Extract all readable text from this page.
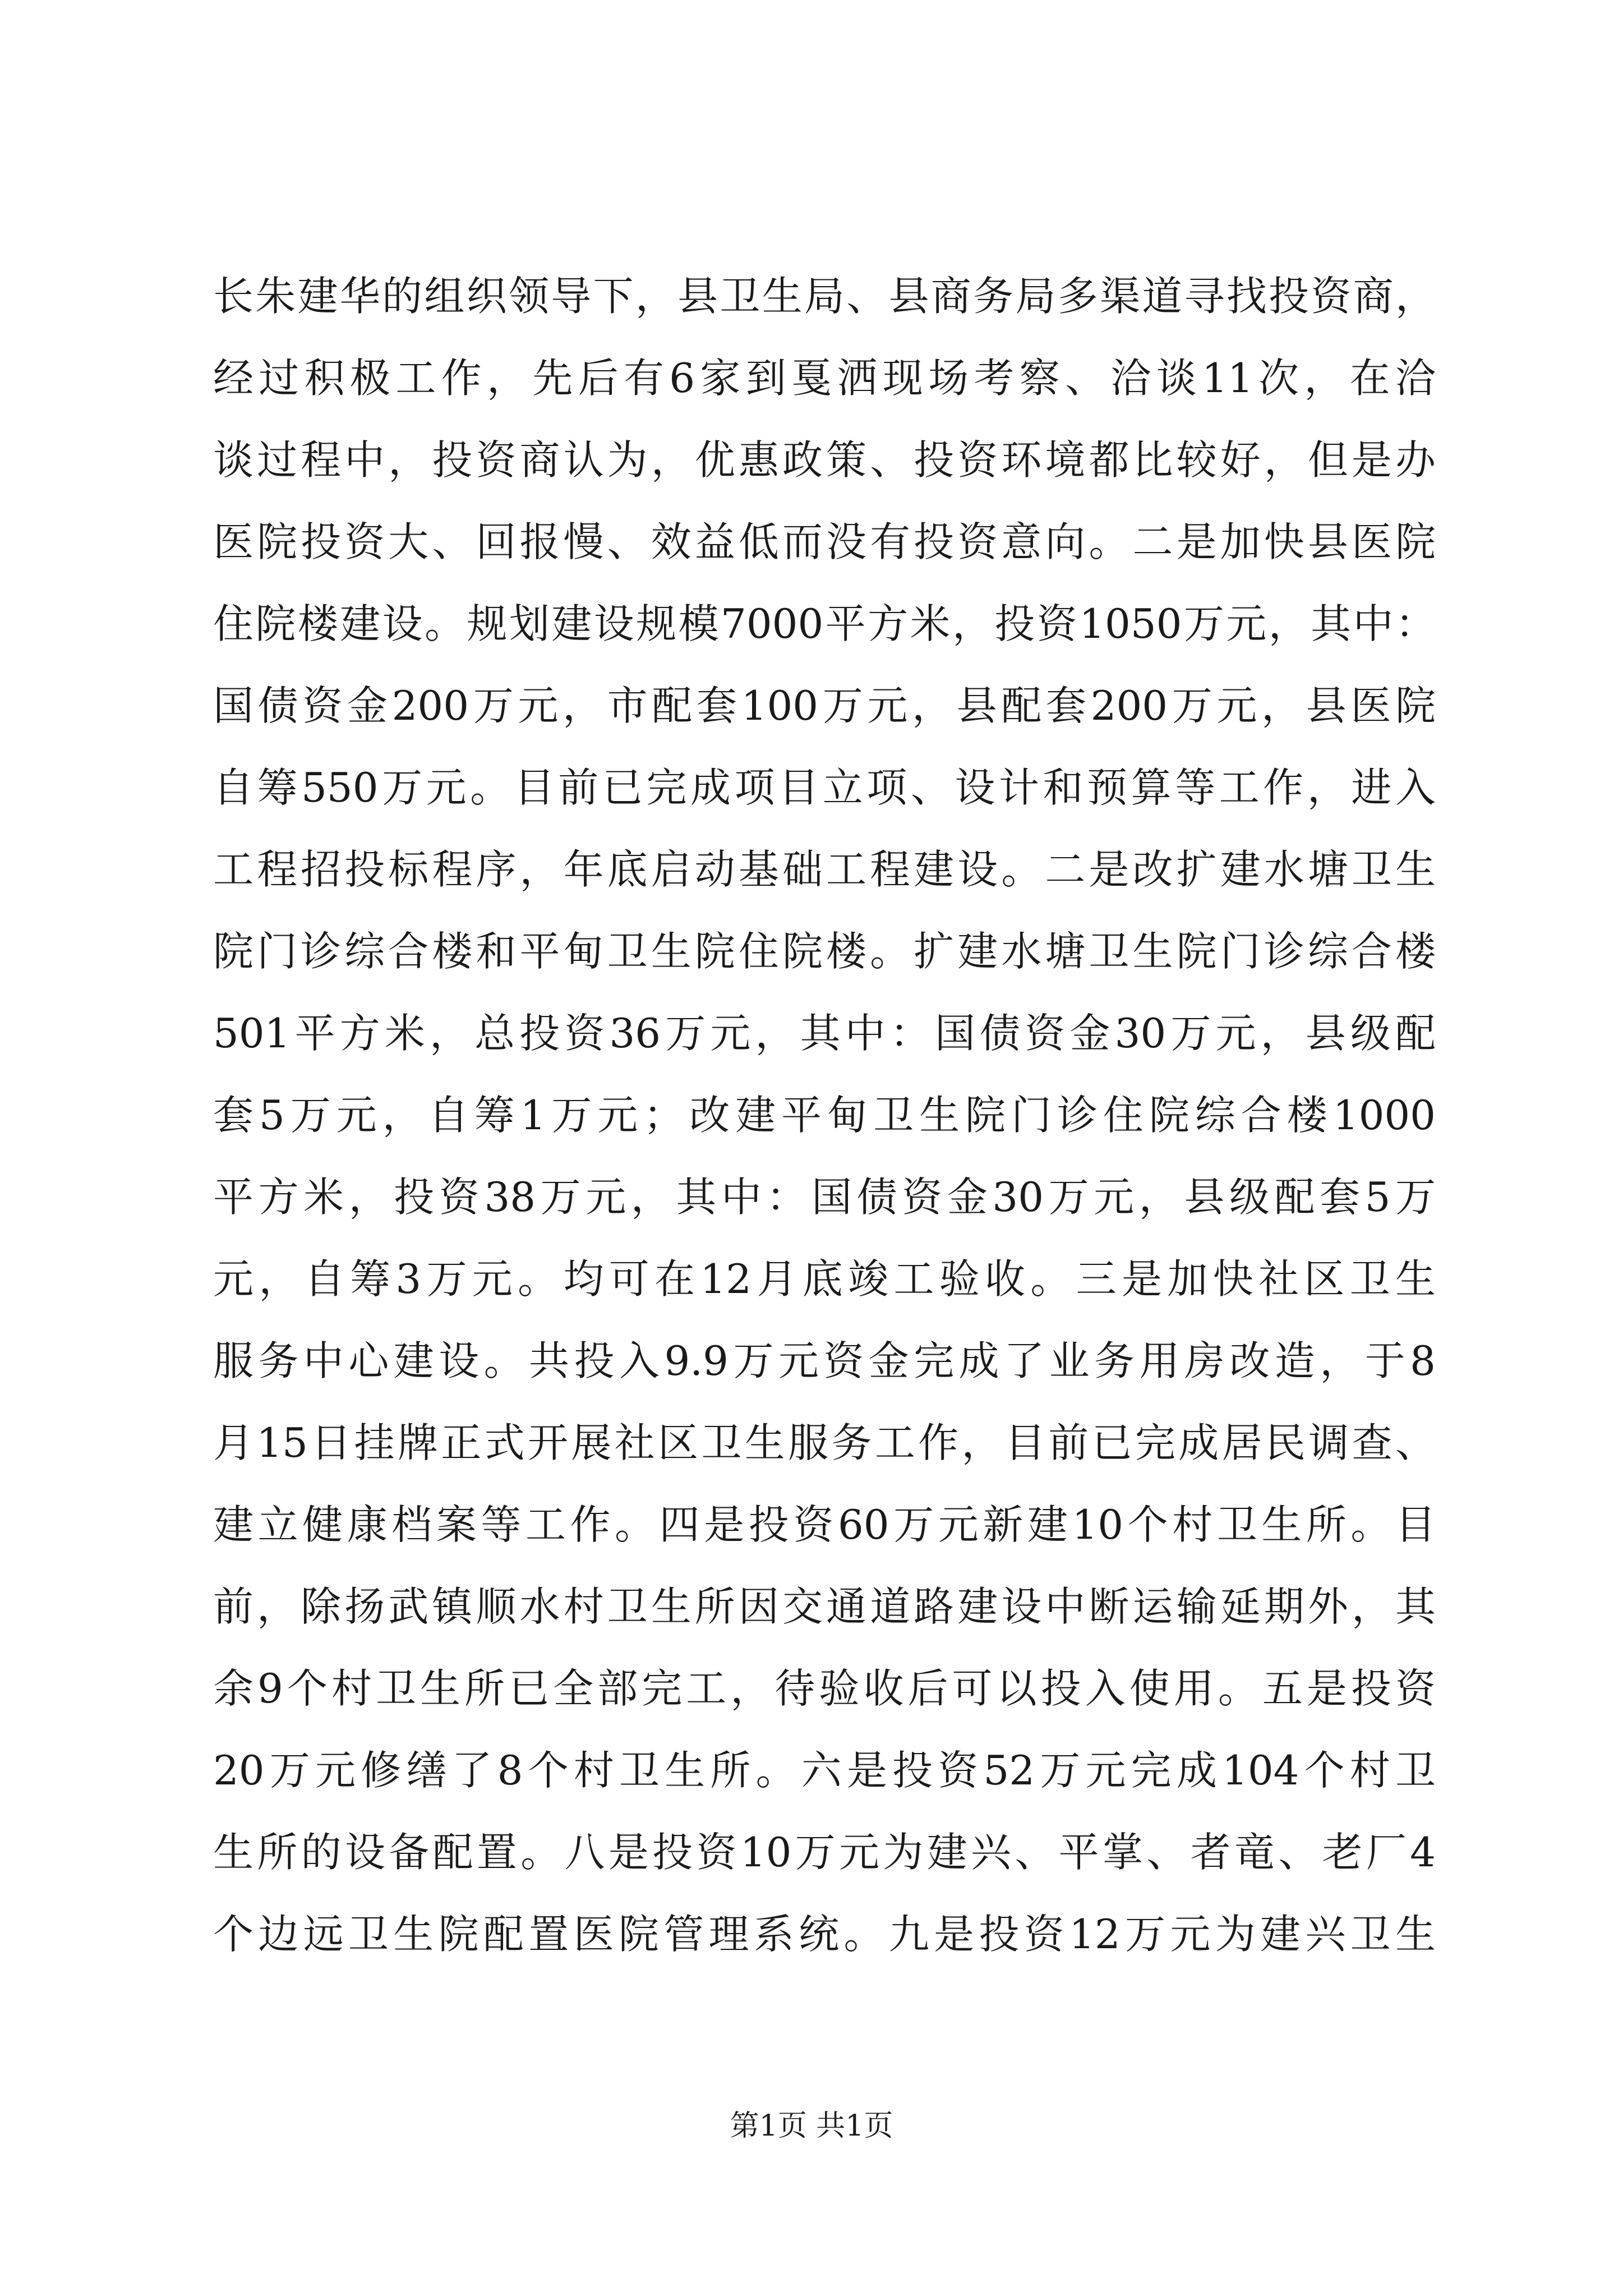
长朱建华的组织领导下，县卫生局、县商务局多渠道寻找投资商，
经过积极工作，先后有6家到戛洒现场考察、洽谈11次，在洽
谈过程中，投资商认为，优惠政策、投资环境都比较好，但是办
医院投资大、回报慢、效益低而没有投资意向。二是加快县医院
住院楼建设。规划建设规模7000平方米，投资1050万元，其中：
国债资金200万元，市配套100万元，县配套200万元，县医院
自筹550万元。目前已完成项目立项、设计和预算等工作，进入
工程招投标程序，年底启动基础工程建设。二是改扩建水塘卫生
院门诊综合楼和平甸卫生院住院楼。扩建水塘卫生院门诊综合楼
501平方米，总投资36万元，其中：国债资金30万元，县级配
套5万元，自筹1万元；改建平甸卫生院门诊住院综合楼1000
平方米，投资38万元，其中：国债资金30万元，县级配套5万
元，自筹3万元。均可在12月底竣工验收。三是加快社区卫生
服务中心建设。共投入9.9万元资金完成了业务用房改造，于8
月15日挂牌正式开展社区卫生服务工作，目前已完成居民调查、
建立健康档案等工作。四是投资60万元新建10个村卫生所。目
前，除扬武镇顺水村卫生所因交通道路建设中断运输延期外，其
余9个村卫生所已全部完工，待验收后可以投入使用。五是投资
20万元修缮了8个村卫生所。六是投资52万元完成104个村卫
生所的设备配置。八是投资10万元为建兴、平掌、者竜、老厂4
个边远卫生院配置医院管理系统。九是投资12万元为建兴卫生
第1页 共1页
